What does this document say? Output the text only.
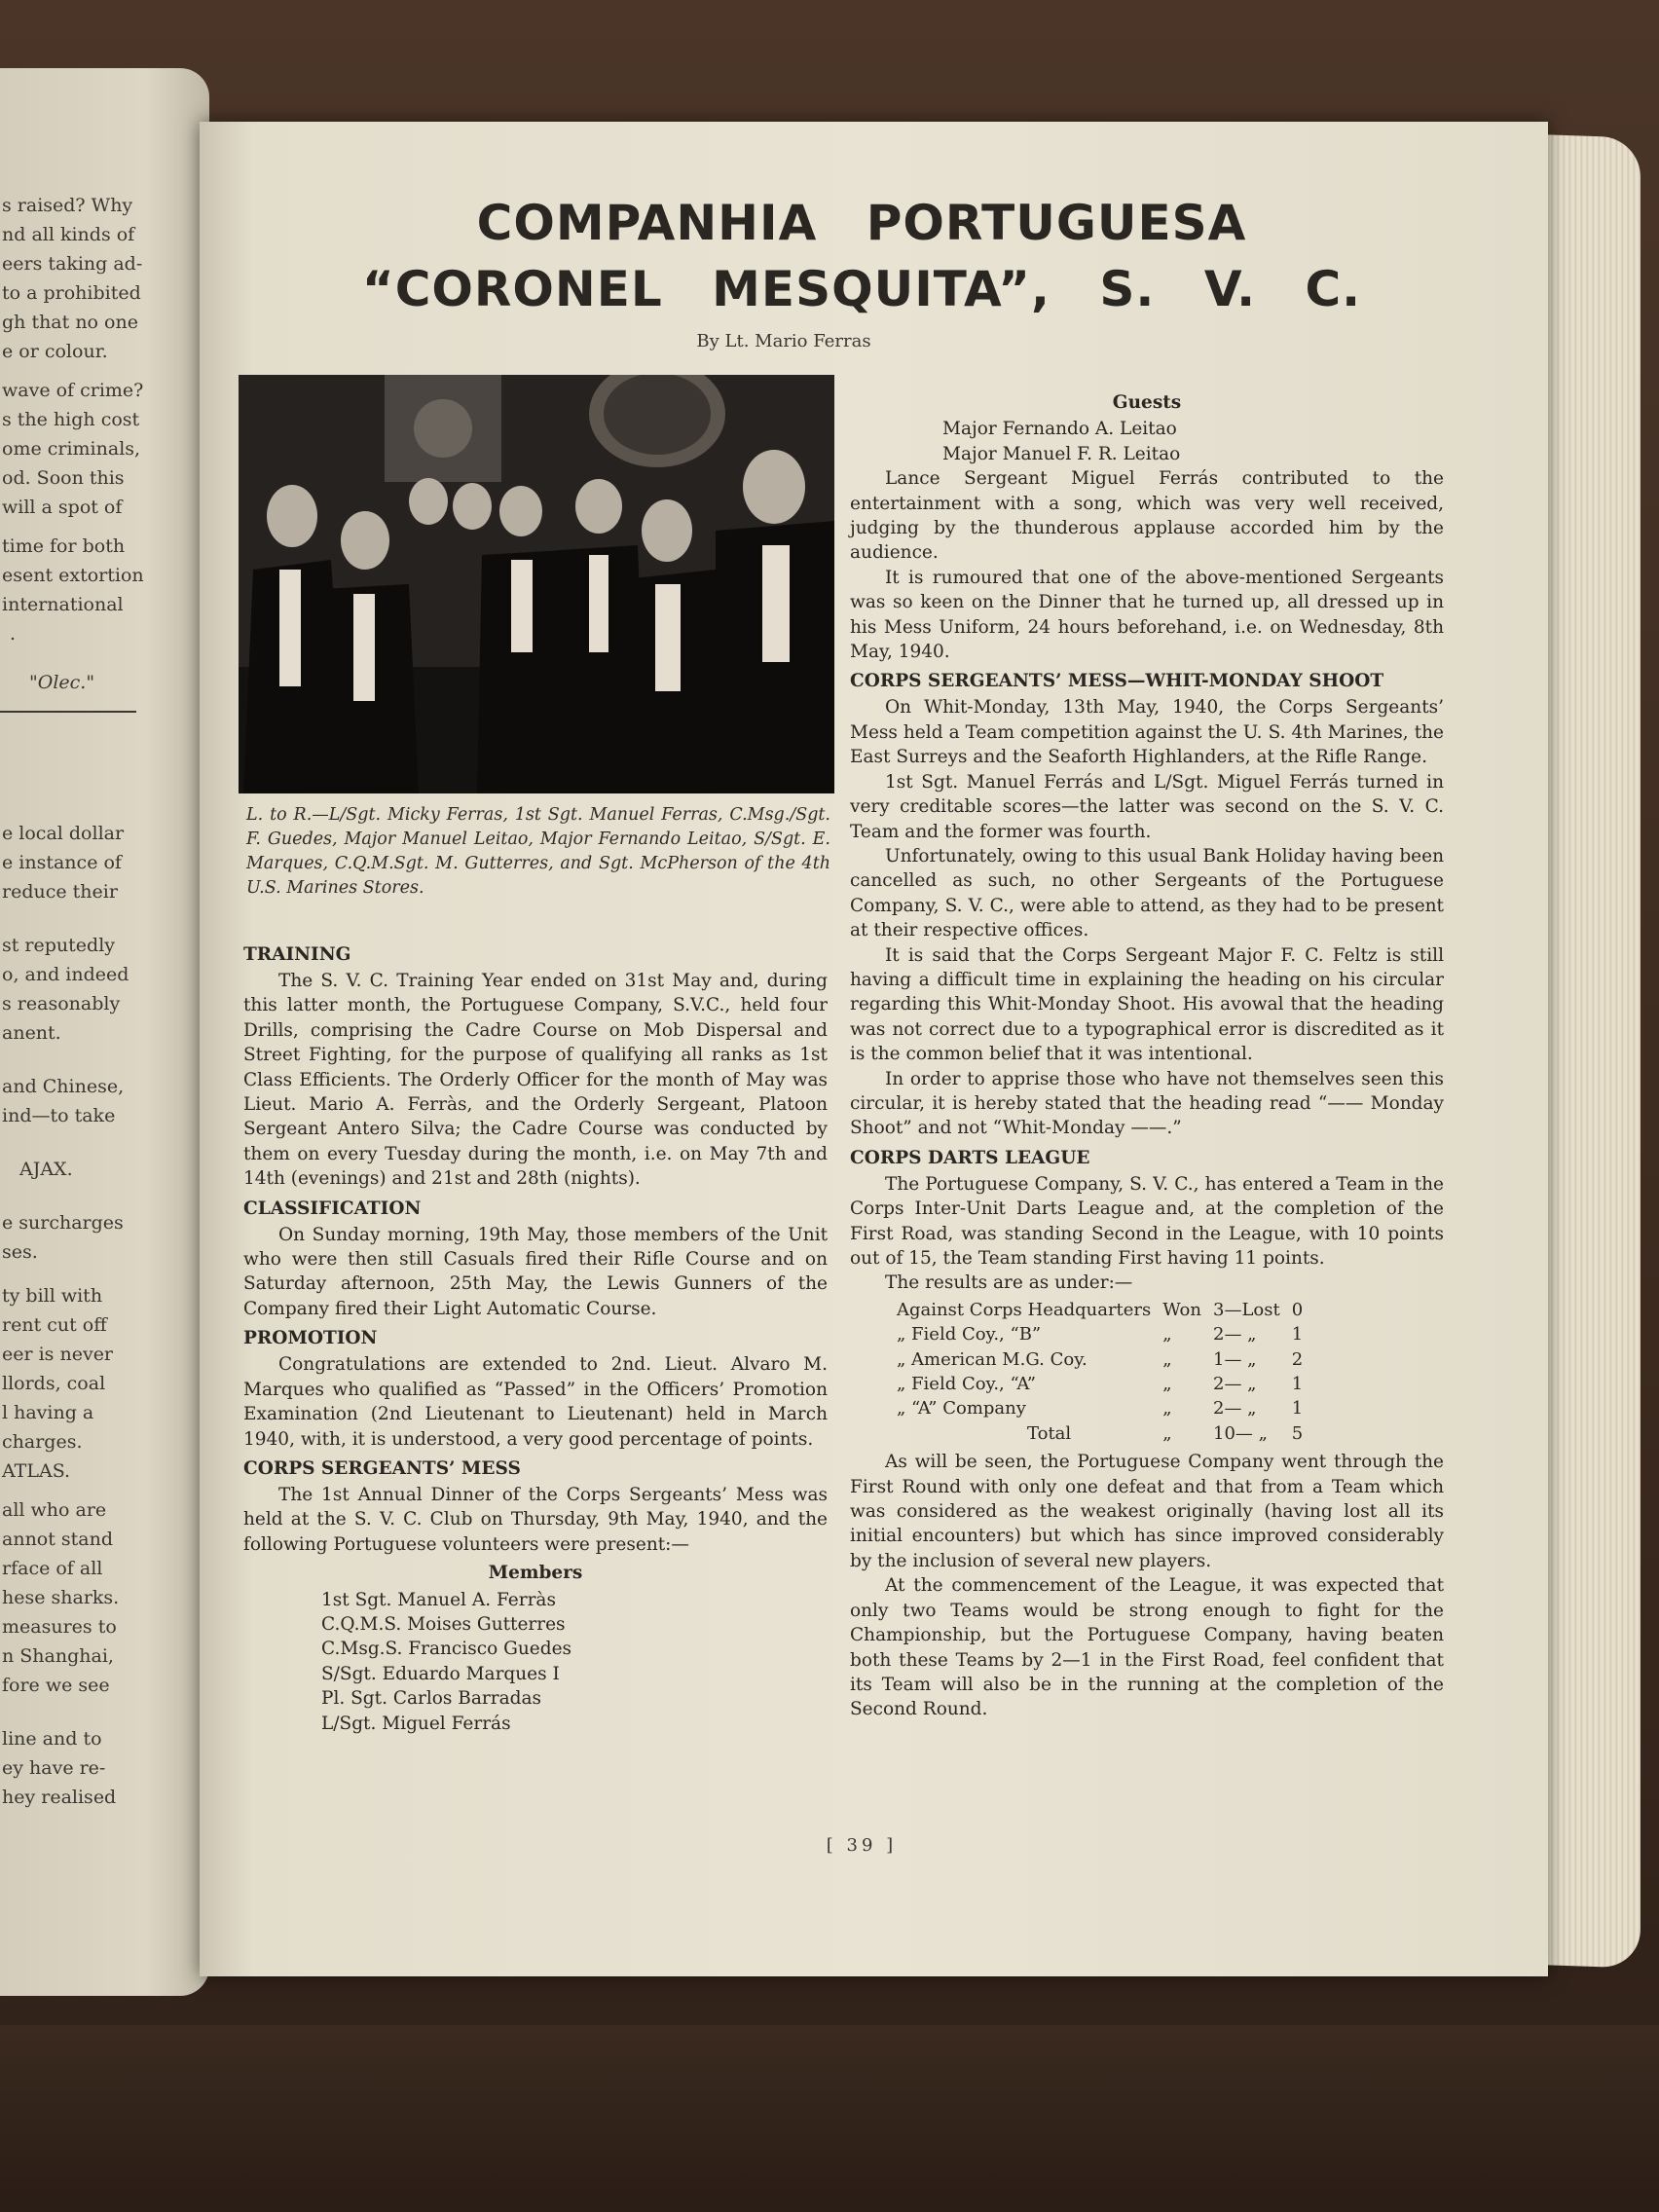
s raised? Why
nd all kinds of
eers taking ad-
to a prohibited
gh that no one
e or colour.
wave of crime?
s the high cost
ome criminals,
od. Soon this
will a spot of
time for both
esent extortion
international
.
"Olec."
e local dollar
e instance of
reduce their
st reputedly
o, and indeed
s reasonably
anent.
and Chinese,
ind—to take
AJAX.
e surcharges
ses.
ty bill with
rent cut off
eer is never
llords, coal
l having a
charges.
ATLAS.
all who are
annot stand
rface of all
hese sharks.
measures to
n Shanghai,
fore we see
line and to
ey have re-
hey realised
COMPANHIA PORTUGUESA “CORONEL MESQUITA”, S. V. C.
By Lt. Mario Ferras

L. to R.—L/Sgt. Micky Ferras, 1st Sgt. Manuel Ferras, C.Msg./Sgt. F. Guedes, Major Manuel Leitao, Major Fernando Leitao, S/Sgt. E. Marques, C.Q.M.Sgt. M. Gutterres, and Sgt. McPherson of the 4th U.S. Marines Stores.

TRAINING

The S. V. C. Training Year ended on 31st May and, during this latter month, the Portuguese Company, S.V.C., held four Drills, comprising the Cadre Course on Mob Dispersal and Street Fighting, for the purpose of qualifying all ranks as 1st Class Efficients. The Orderly Officer for the month of May was Lieut. Mario A. Ferràs, and the Orderly Sergeant, Platoon Sergeant Antero Silva; the Cadre Course was conducted by them on every Tuesday during the month, i.e. on May 7th and 14th (evenings) and 21st and 28th (nights).

CLASSIFICATION

On Sunday morning, 19th May, those members of the Unit who were then still Casuals fired their Rifle Course and on Saturday afternoon, 25th May, the Lewis Gunners of the Company fired their Light Automatic Course.

PROMOTION

Congratulations are extended to 2nd. Lieut. Alvaro M. Marques who qualified as “Passed” in the Officers’ Promotion Examination (2nd Lieutenant to Lieutenant) held in March 1940, with, it is understood, a very good percentage of points.

CORPS SERGEANTS’ MESS

The 1st Annual Dinner of the Corps Sergeants’ Mess was held at the S. V. C. Club on Thursday, 9th May, 1940, and the following Portuguese volunteers were present:—

Members
1st Sgt. Manuel A. Ferràs
C.Q.M.S. Moises Gutterres
C.Msg.S. Francisco Guedes
S/Sgt. Eduardo Marques I
Pl. Sgt. Carlos Barradas
L/Sgt. Miguel Ferrás
Guests
Major Fernando A. Leitao
Major Manuel F. R. Leitao

Lance Sergeant Miguel Ferrás contributed to the entertainment with a song, which was very well received, judging by the thunderous applause accorded him by the audience.

It is rumoured that one of the above-mentioned Sergeants was so keen on the Dinner that he turned up, all dressed up in his Mess Uniform, 24 hours beforehand, i.e. on Wednesday, 8th May, 1940.

CORPS SERGEANTS’ MESS—WHIT-MONDAY SHOOT

On Whit-Monday, 13th May, 1940, the Corps Sergeants’ Mess held a Team competition against the U. S. 4th Marines, the East Surreys and the Seaforth Highlanders, at the Rifle Range.

1st Sgt. Manuel Ferrás and L/Sgt. Miguel Ferrás turned in very creditable scores—the latter was second on the S. V. C. Team and the former was fourth.

Unfortunately, owing to this usual Bank Holiday having been cancelled as such, no other Sergeants of the Portuguese Company, S. V. C., were able to attend, as they had to be present at their respective offices.

It is said that the Corps Sergeant Major F. C. Feltz is still having a difficult time in explaining the heading on his circular regarding this Whit-Monday Shoot. His avowal that the heading was not correct due to a typographical error is discredited as it is the common belief that it was intentional.

In order to apprise those who have not themselves seen this circular, it is hereby stated that the heading read “—— Monday Shoot” and not “Whit-Monday ——.”

CORPS DARTS LEAGUE

The Portuguese Company, S. V. C., has entered a Team in the Corps Inter-Unit Darts League and, at the completion of the First Road, was standing Second in the League, with 10 points out of 15, the Team standing First having 11 points.

The results are as under:—

Against Corps Headquarters	Won	3—Lost	0
„ Field Coy., “B”	„	2— „	1
„ American M.G. Coy.	„	1— „	2
„ Field Coy., “A”	„	2— „	1
„ “A” Company	„	2— „	1
Total	„	10— „	5

As will be seen, the Portuguese Company went through the First Round with only one defeat and that from a Team which was considered as the weakest originally (having lost all its initial encounters) but which has since improved considerably by the inclusion of several new players.

At the commencement of the League, it was expected that only two Teams would be strong enough to fight for the Championship, but the Portuguese Company, having beaten both these Teams by 2—1 in the First Road, feel confident that its Team will also be in the running at the completion of the Second Round.

[ 39 ]
